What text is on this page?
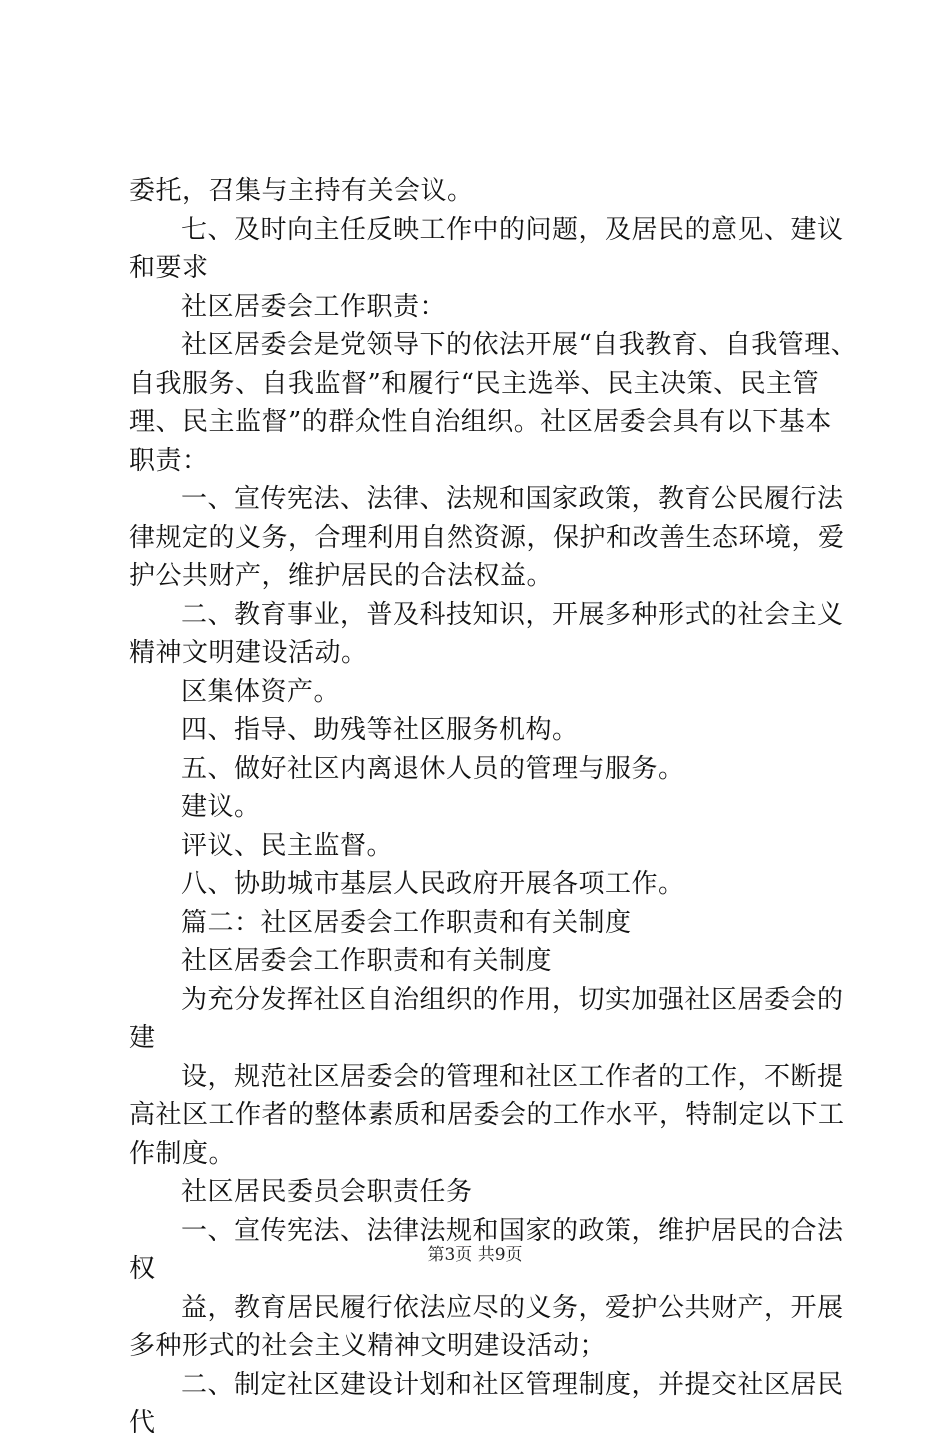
委托，召集与主持有关会议。
七、及时向主任反映工作中的问题，及居民的意见、建议
和要求
社区居委会工作职责：
社区居委会是党领导下的依法开展“自我教育、自我管理、
自我服务、自我监督”和履行“民主选举、民主决策、民主管
理、民主监督”的群众性自治组织。社区居委会具有以下基本
职责：
一、宣传宪法、法律、法规和国家政策，教育公民履行法
律规定的义务，合理利用自然资源，保护和改善生态环境，爱
护公共财产，维护居民的合法权益。
二、教育事业，普及科技知识，开展多种形式的社会主义
精神文明建设活动。
区集体资产。
四、指导、助残等社区服务机构。
五、做好社区内离退休人员的管理与服务。
建议。
评议、民主监督。
八、协助城市基层人民政府开展各项工作。
篇二：社区居委会工作职责和有关制度
社区居委会工作职责和有关制度
为充分发挥社区自治组织的作用，切实加强社区居委会的
建
设，规范社区居委会的管理和社区工作者的工作，不断提
高社区工作者的整体素质和居委会的工作水平，特制定以下工
作制度。
社区居民委员会职责任务
一、宣传宪法、法律法规和国家的政策，维护居民的合法
权
益，教育居民履行依法应尽的义务，爱护公共财产，开展
多种形式的社会主义精神文明建设活动；
二、制定社区建设计划和社区管理制度，并提交社区居民
代
第3页 共9页
